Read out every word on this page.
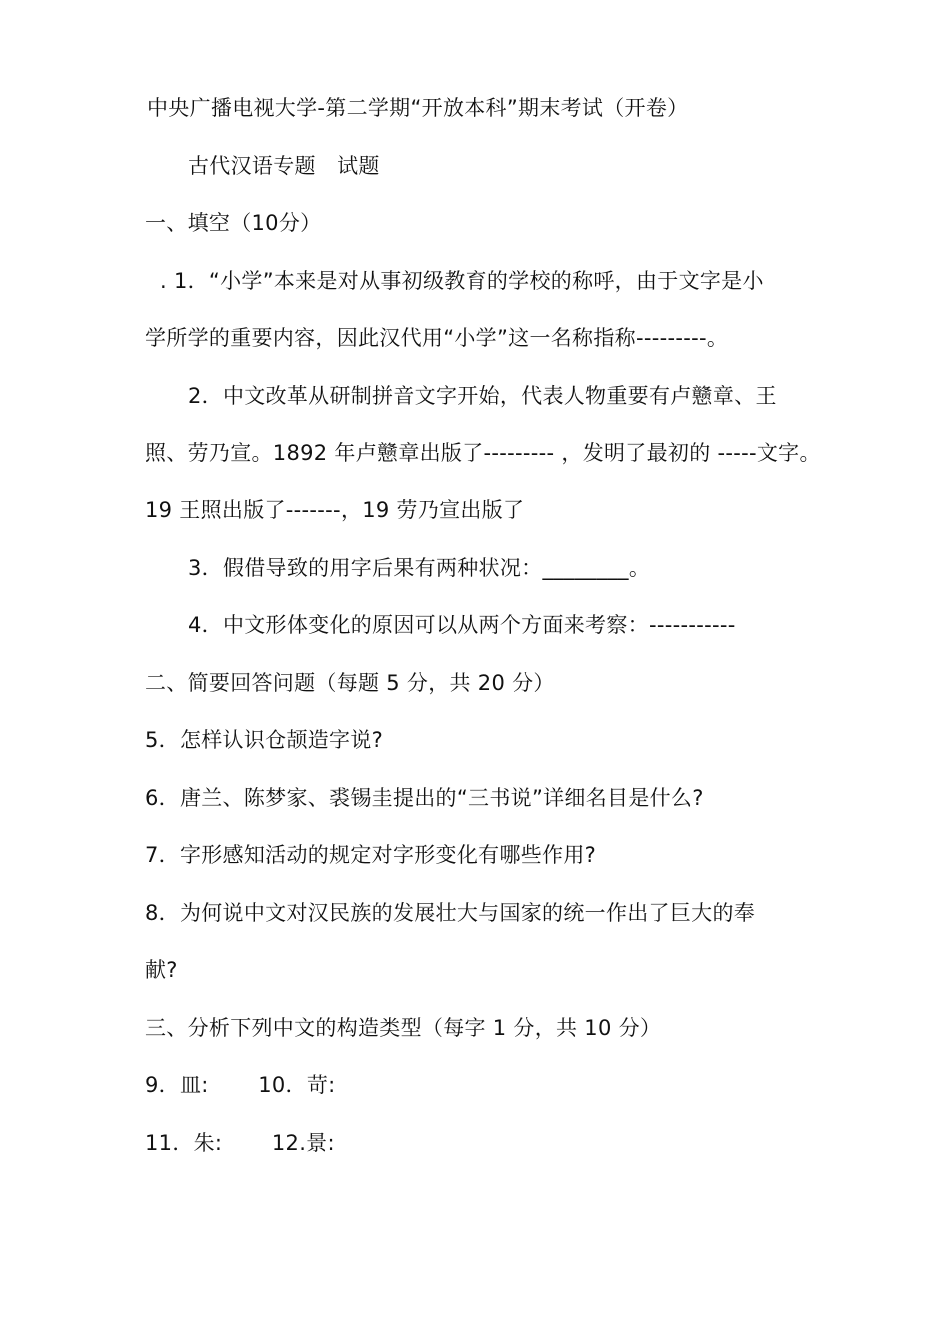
中央广播电视大学-第二学期“开放本科”期末考试（开卷）
古代汉语专题　试题
一、填空（10分）
. 1．“小学”本来是对从事初级教育的学校的称呼，由于文字是小
学所学的重要内容，因此汉代用“小学”这一名称指称---------。
2．中文改革从研制拼音文字开始，代表人物重要有卢戆章、王
照、劳乃宣。1892 年卢戆章出版了--------- ，发明了最初的 -----文字。
19 王照出版了-------，19 劳乃宣出版了
3．假借导致的用字后果有两种状况：________。
4．中文形体变化的原因可以从两个方面来考察：-----------
二、简要回答问题（每题 5 分，共 20 分）
5．怎样认识仓颉造字说?
6．唐兰、陈梦家、裘锡圭提出的“三书说”详细名目是什么?
7．字形感知活动的规定对字形变化有哪些作用?
8．为何说中文对汉民族的发展壮大与国家的统一作出了巨大的奉
献?
三、分析下列中文的构造类型（每字 1 分，共 10 分）
9．皿:　　 10．苛:
11．朱:　　 12.景:
